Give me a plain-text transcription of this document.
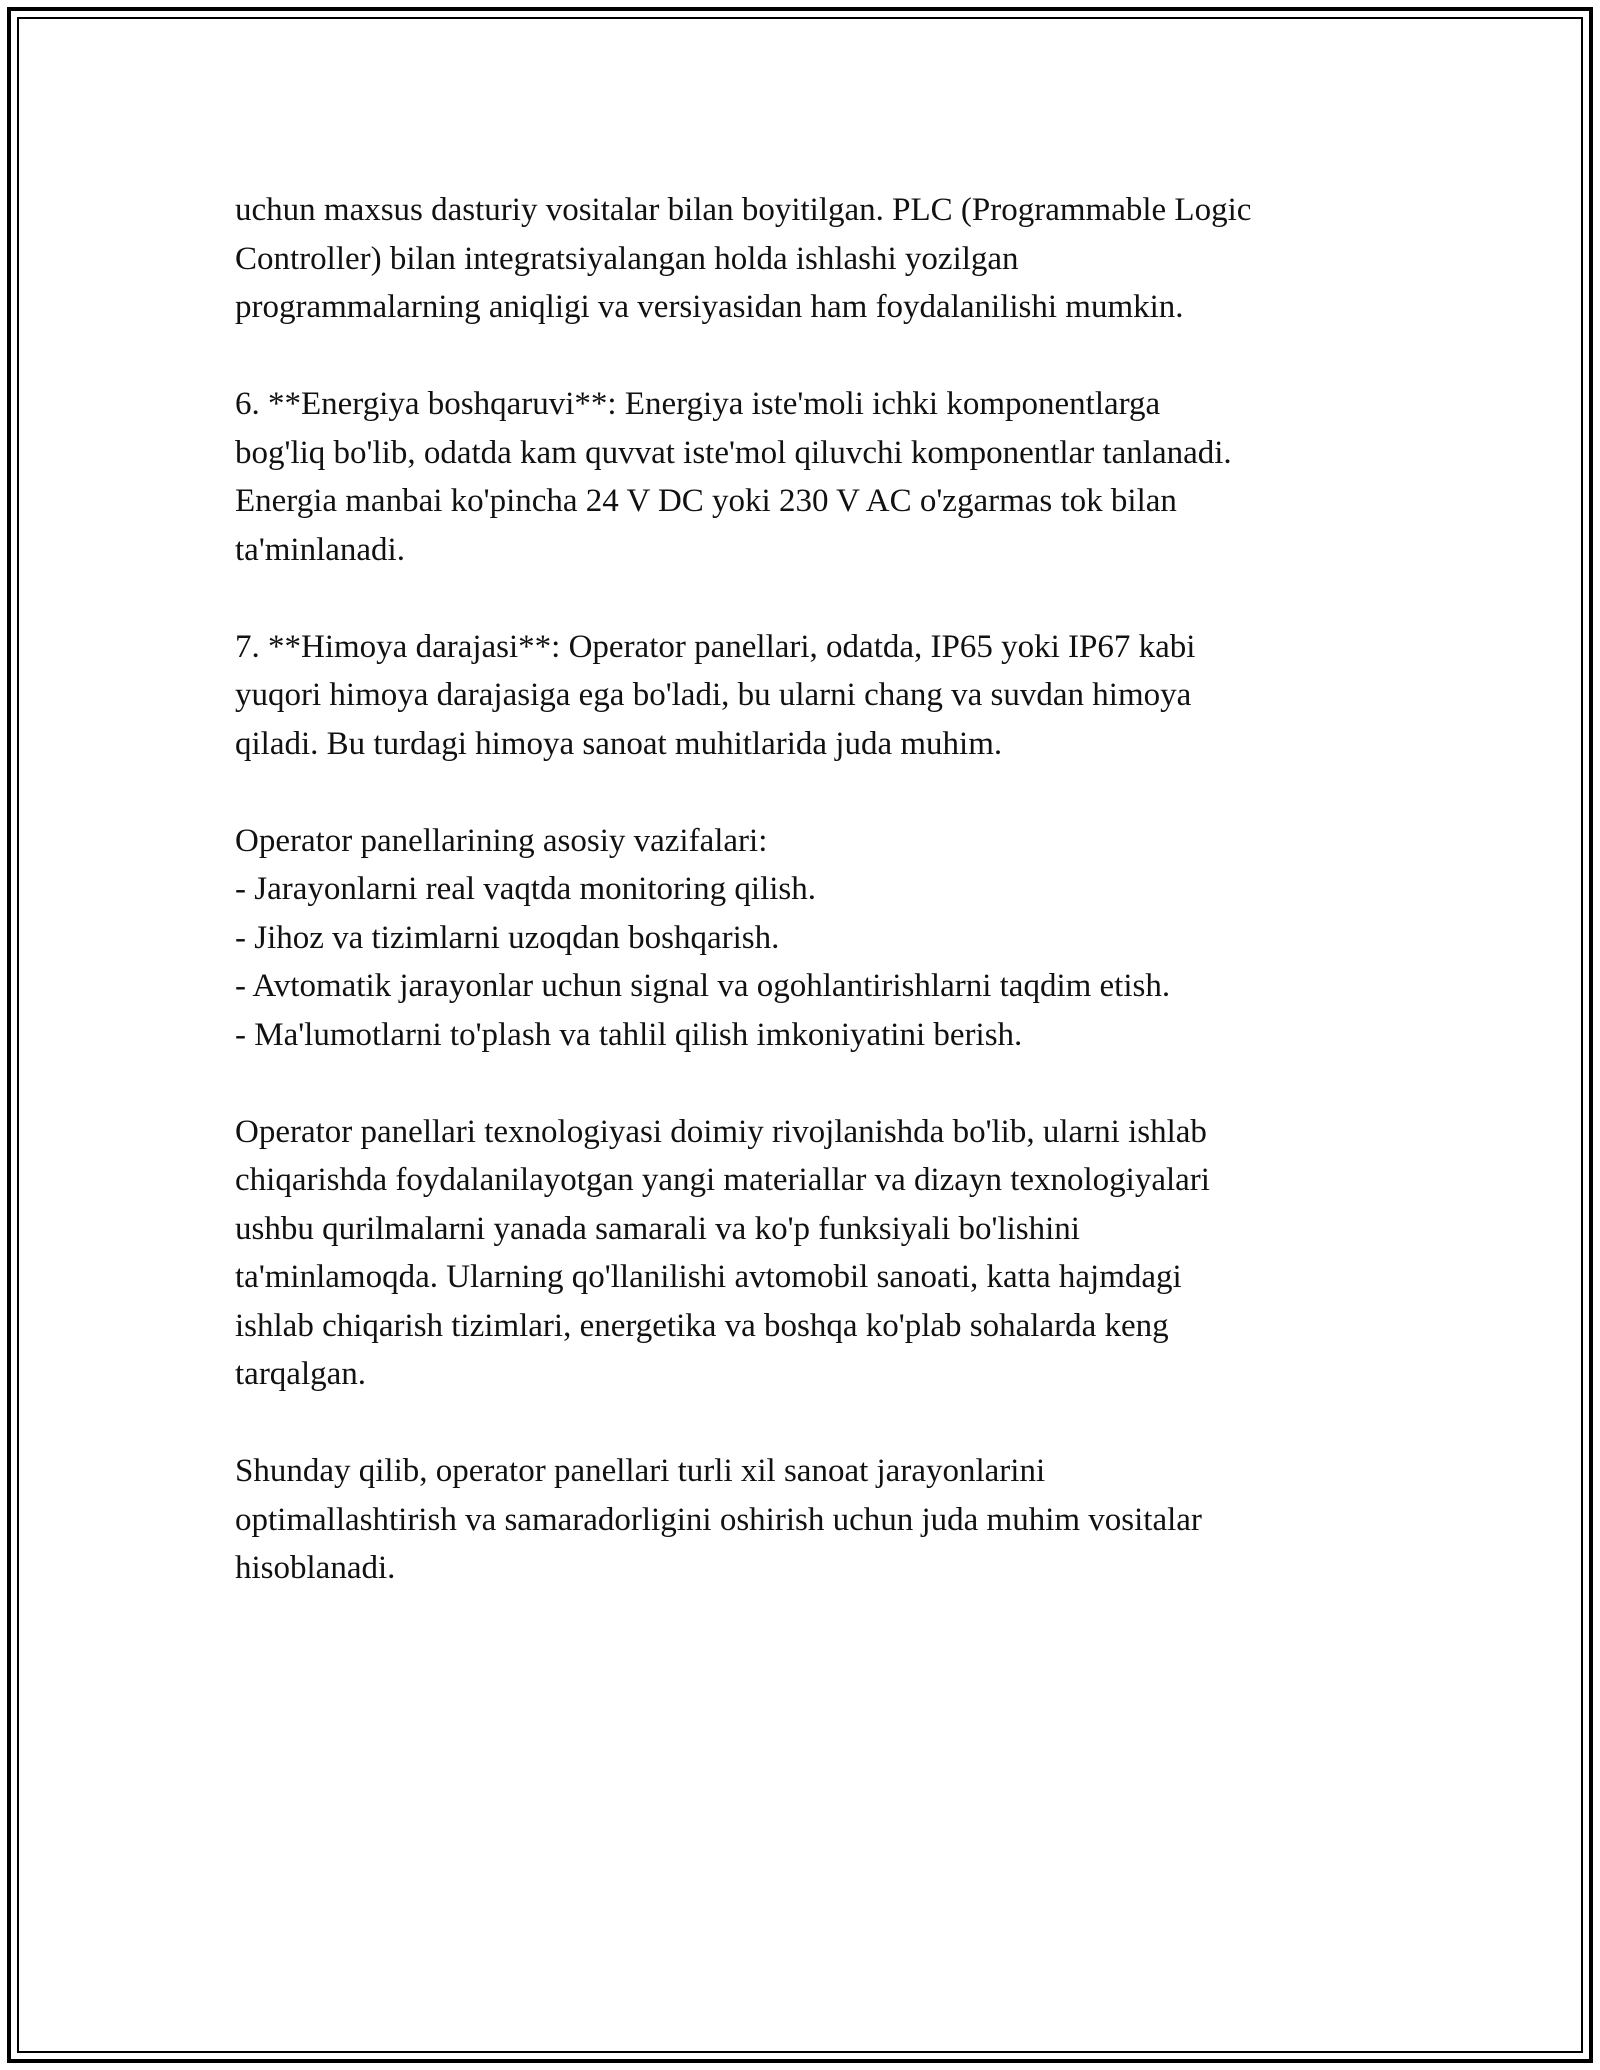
uchun maxsus dasturiy vositalar bilan boyitilgan. PLC (Programmable Logic
Controller) bilan integratsiyalangan holda ishlashi yozilgan
programmalarning aniqligi va versiyasidan ham foydalanilishi mumkin.

6. **Energiya boshqaruvi**: Energiya iste'moli ichki komponentlarga
bog'liq bo'lib, odatda kam quvvat iste'mol qiluvchi komponentlar tanlanadi.
Energia manbai ko'pincha 24 V DC yoki 230 V AC o'zgarmas tok bilan
ta'minlanadi.

7. **Himoya darajasi**: Operator panellari, odatda, IP65 yoki IP67 kabi
yuqori himoya darajasiga ega bo'ladi, bu ularni chang va suvdan himoya
qiladi. Bu turdagi himoya sanoat muhitlarida juda muhim.

Operator panellarining asosiy vazifalari:
- Jarayonlarni real vaqtda monitoring qilish.
- Jihoz va tizimlarni uzoqdan boshqarish.
- Avtomatik jarayonlar uchun signal va ogohlantirishlarni taqdim etish.
- Ma'lumotlarni to'plash va tahlil qilish imkoniyatini berish.

Operator panellari texnologiyasi doimiy rivojlanishda bo'lib, ularni ishlab
chiqarishda foydalanilayotgan yangi materiallar va dizayn texnologiyalari
ushbu qurilmalarni yanada samarali va ko'p funksiyali bo'lishini
ta'minlamoqda. Ularning qo'llanilishi avtomobil sanoati, katta hajmdagi
ishlab chiqarish tizimlari, energetika va boshqa ko'plab sohalarda keng
tarqalgan.

Shunday qilib, operator panellari turli xil sanoat jarayonlarini
optimallashtirish va samaradorligini oshirish uchun juda muhim vositalar
hisoblanadi.
